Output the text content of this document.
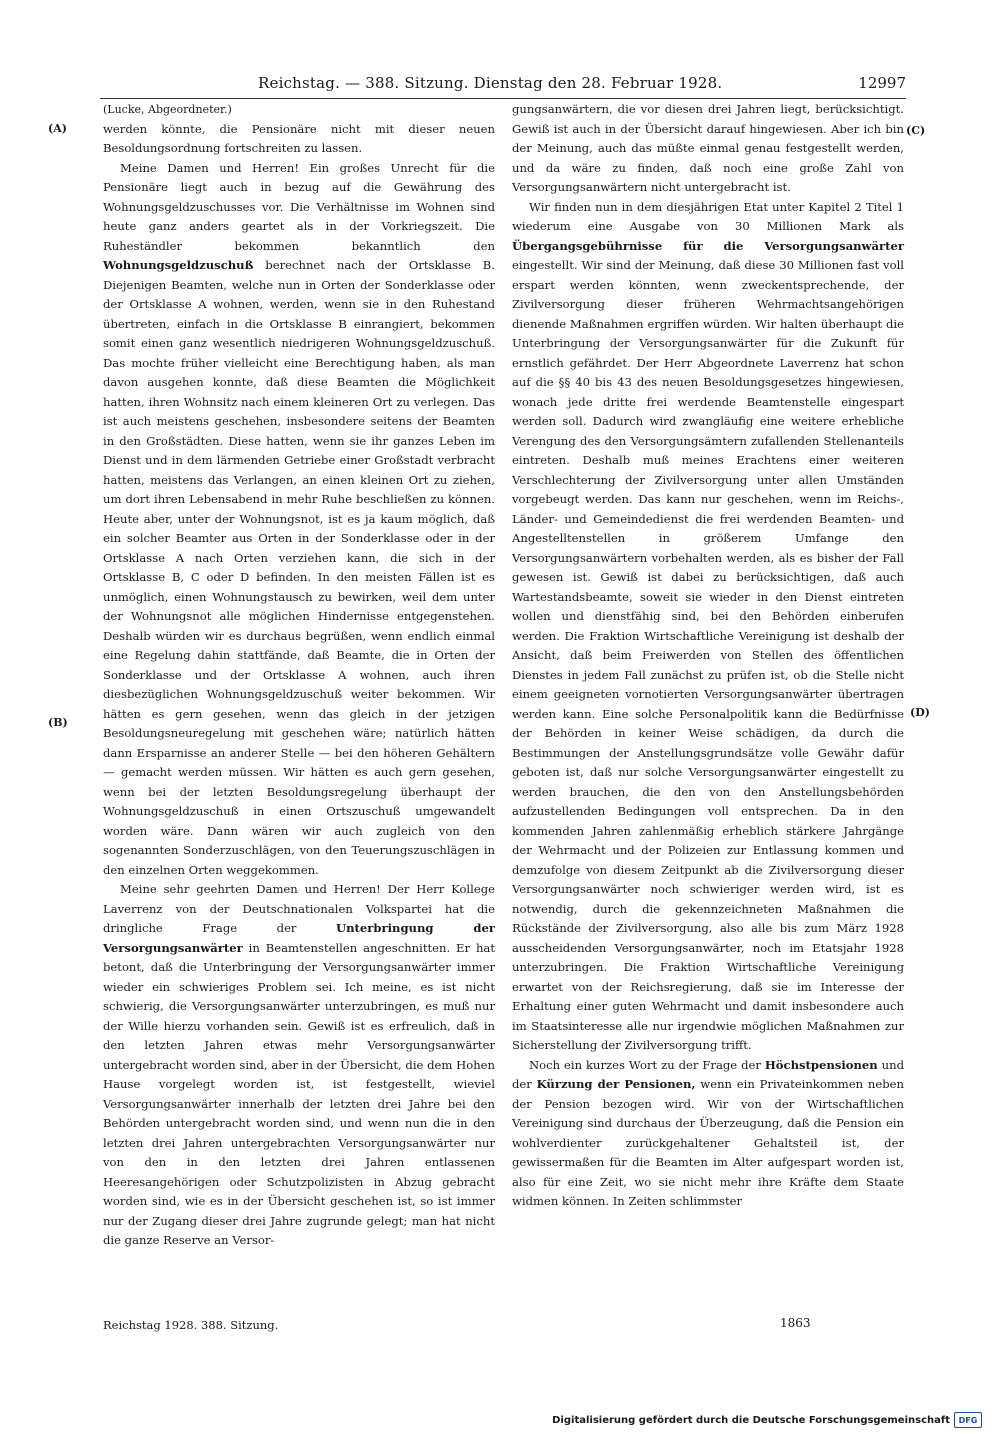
Reichstag. — 388. Sitzung. Dienstag den 28. Februar 1928.	12997
(A)
(B)
(C)
(D)

(Lucke, Abgeordneter.)

werden könnte, die Pensionäre nicht mit dieser neuen Besoldungsordnung fortschreiten zu lassen.

Meine Damen und Herren! Ein großes Unrecht für die Pensionäre liegt auch in bezug auf die Gewährung des Wohnungsgeldzuschusses vor. Die Verhältnisse im Wohnen sind heute ganz anders geartet als in der Vorkriegszeit. Die Ruheständler bekommen bekanntlich den Wohnungsgeldzuschuß berechnet nach der Ortsklasse B. Diejenigen Beamten, welche nun in Orten der Sonderklasse oder der Ortsklasse A wohnen, werden, wenn sie in den Ruhestand übertreten, einfach in die Ortsklasse B einrangiert, bekommen somit einen ganz wesentlich niedrigeren Wohnungsgeldzuschuß. Das mochte früher vielleicht eine Berechtigung haben, als man davon ausgehen konnte, daß diese Beamten die Möglichkeit hatten, ihren Wohnsitz nach einem kleineren Ort zu verlegen. Das ist auch meistens geschehen, insbesondere seitens der Beamten in den Großstädten. Diese hatten, wenn sie ihr ganzes Leben im Dienst und in dem lärmenden Getriebe einer Großstadt verbracht hatten, meistens das Verlangen, an einen kleinen Ort zu ziehen, um dort ihren Lebensabend in mehr Ruhe beschließen zu können. Heute aber, unter der Wohnungsnot, ist es ja kaum möglich, daß ein solcher Beamter aus Orten in der Sonderklasse oder in der Ortsklasse A nach Orten verziehen kann, die sich in der Ortsklasse B, C oder D befinden. In den meisten Fällen ist es unmöglich, einen Wohnungstausch zu bewirken, weil dem unter der Wohnungsnot alle möglichen Hindernisse entgegenstehen. Deshalb würden wir es durchaus begrüßen, wenn endlich einmal eine Regelung dahin stattfände, daß Beamte, die in Orten der Sonderklasse und der Ortsklasse A wohnen, auch ihren diesbezüglichen Wohnungsgeldzuschuß weiter bekommen. Wir hätten es gern gesehen, wenn das gleich in der jetzigen Besoldungsneuregelung mit geschehen wäre; natürlich hätten dann Ersparnisse an anderer Stelle — bei den höheren Gehältern — gemacht werden müssen. Wir hätten es auch gern gesehen, wenn bei der letzten Besoldungsregelung überhaupt der Wohnungsgeldzuschuß in einen Ortszuschuß umgewandelt worden wäre. Dann wären wir auch zugleich von den sogenannten Sonderzuschlägen, von den Teuerungszuschlägen in den einzelnen Orten weggekommen.

Meine sehr geehrten Damen und Herren! Der Herr Kollege Laverrenz von der Deutschnationalen Volkspartei hat die dringliche Frage der Unterbringung der Versorgungsanwärter in Beamtenstellen angeschnitten. Er hat betont, daß die Unterbringung der Versorgungsanwärter immer wieder ein schwieriges Problem sei. Ich meine, es ist nicht schwierig, die Versorgungsanwärter unterzubringen, es muß nur der Wille hierzu vorhanden sein. Gewiß ist es erfreulich, daß in den letzten Jahren etwas mehr Versorgungsanwärter untergebracht worden sind, aber in der Übersicht, die dem Hohen Hause vorgelegt worden ist, ist festgestellt, wieviel Versorgungsanwärter innerhalb der letzten drei Jahre bei den Behörden untergebracht worden sind, und wenn nun die in den letzten drei Jahren untergebrachten Versorgungsanwärter nur von den in den letzten drei Jahren entlassenen Heeresangehörigen oder Schutzpolizisten in Abzug gebracht worden sind, wie es in der Übersicht geschehen ist, so ist immer nur der Zugang dieser drei Jahre zugrunde gelegt; man hat nicht die ganze Reserve an Versor-

gungsanwärtern, die vor diesen drei Jahren liegt, berücksichtigt. Gewiß ist auch in der Übersicht darauf hingewiesen. Aber ich bin der Meinung, auch das müßte einmal genau festgestellt werden, und da wäre zu finden, daß noch eine große Zahl von Versorgungsanwärtern nicht untergebracht ist.

Wir finden nun in dem diesjährigen Etat unter Kapitel 2 Titel 1 wiederum eine Ausgabe von 30 Millionen Mark als Übergangsgebührnisse für die Versorgungsanwärter eingestellt. Wir sind der Meinung, daß diese 30 Millionen fast voll erspart werden könnten, wenn zweckentsprechende, der Zivilversorgung dieser früheren Wehrmachtsangehörigen dienende Maßnahmen ergriffen würden. Wir halten überhaupt die Unterbringung der Versorgungsanwärter für die Zukunft für ernstlich gefährdet. Der Herr Abgeordnete Laverrenz hat schon auf die §§ 40 bis 43 des neuen Besoldungsgesetzes hingewiesen, wonach jede dritte frei werdende Beamtenstelle eingespart werden soll. Dadurch wird zwangläufig eine weitere erhebliche Verengung des den Versorgungsämtern zufallenden Stellenanteils eintreten. Deshalb muß meines Erachtens einer weiteren Verschlechterung der Zivilversorgung unter allen Umständen vorgebeugt werden. Das kann nur geschehen, wenn im Reichs-, Länder- und Gemeindedienst die frei werdenden Beamten- und Angestelltenstellen in größerem Umfange den Versorgungsanwärtern vorbehalten werden, als es bisher der Fall gewesen ist. Gewiß ist dabei zu berücksichtigen, daß auch Wartestandsbeamte, soweit sie wieder in den Dienst eintreten wollen und dienstfähig sind, bei den Behörden einberufen werden. Die Fraktion Wirtschaftliche Vereinigung ist deshalb der Ansicht, daß beim Freiwerden von Stellen des öffentlichen Dienstes in jedem Fall zunächst zu prüfen ist, ob die Stelle nicht einem geeigneten vornotierten Versorgungsanwärter übertragen werden kann. Eine solche Personalpolitik kann die Bedürfnisse der Behörden in keiner Weise schädigen, da durch die Bestimmungen der Anstellungsgrundsätze volle Gewähr dafür geboten ist, daß nur solche Versorgungsanwärter eingestellt zu werden brauchen, die den von den Anstellungsbehörden aufzustellenden Bedingungen voll entsprechen. Da in den kommenden Jahren zahlenmäßig erheblich stärkere Jahrgänge der Wehrmacht und der Polizeien zur Entlassung kommen und demzufolge von diesem Zeitpunkt ab die Zivilversorgung dieser Versorgungsanwärter noch schwieriger werden wird, ist es notwendig, durch die gekennzeichneten Maßnahmen die Rückstände der Zivilversorgung, also alle bis zum März 1928 ausscheidenden Versorgungsanwärter, noch im Etatsjahr 1928 unterzubringen. Die Fraktion Wirtschaftliche Vereinigung erwartet von der Reichsregierung, daß sie im Interesse der Erhaltung einer guten Wehrmacht und damit insbesondere auch im Staatsinteresse alle nur irgendwie möglichen Maßnahmen zur Sicherstellung der Zivilversorgung trifft.

Noch ein kurzes Wort zu der Frage der Höchstpensionen und der Kürzung der Pensionen, wenn ein Privateinkommen neben der Pension bezogen wird. Wir von der Wirtschaftlichen Vereinigung sind durchaus der Überzeugung, daß die Pension ein wohlverdienter zurückgehaltener Gehaltsteil ist, der gewissermaßen für die Beamten im Alter aufgespart worden ist, also für eine Zeit, wo sie nicht mehr ihre Kräfte dem Staate widmen können. In Zeiten schlimmster

Reichstag 1928. 388. Sitzung.	1863
Digitalisierung gefördert durch die Deutsche Forschungsgemeinschaft	DFG
